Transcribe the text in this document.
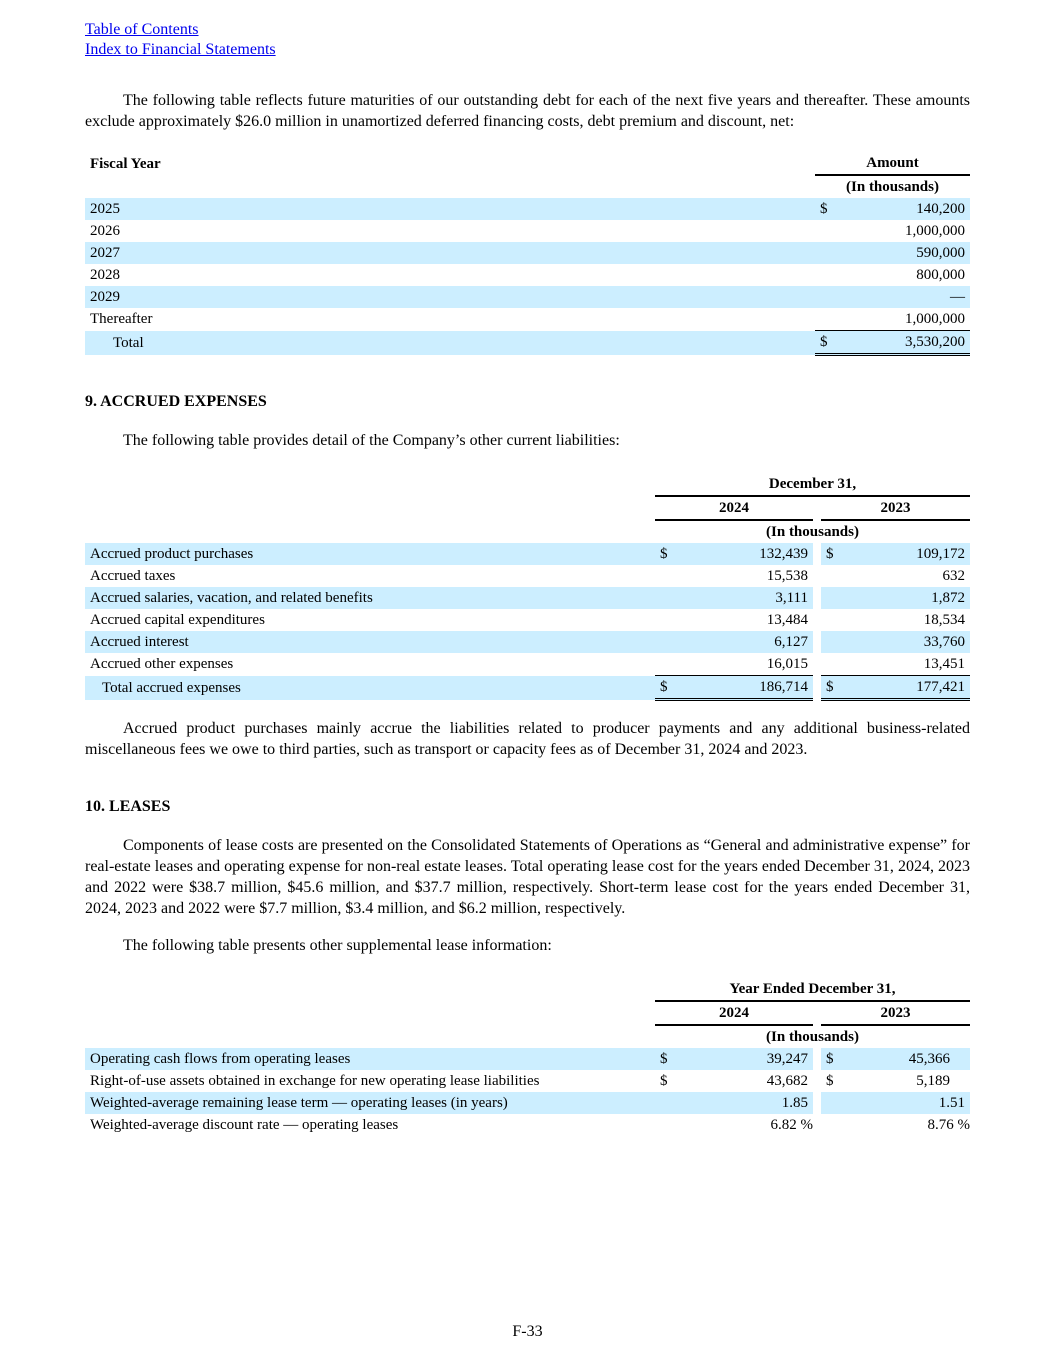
Table of Contents
Index to Financial Statements

The following table reflects future maturities of our outstanding debt for each of the next five years and thereafter. These amounts exclude approximately $26.0 million in unamortized deferred financing costs, debt premium and discount, net:

Fiscal Year	Amount	
	(In thousands)	
2025	$	140,200
2026		1,000,000
2027		590,000
2028		800,000
2029		—
Thereafter		1,000,000
Total	$	3,530,200
9. ACCRUED EXPENSES

The following table provides detail of the Company’s other current liabilities:

	December 31,				
	2024			2023	
	(In thousands)				
Accrued product purchases	$	132,439		$	109,172
Accrued taxes		15,538			632
Accrued salaries, vacation, and related benefits		3,111			1,872
Accrued capital expenditures		13,484			18,534
Accrued interest		6,127			33,760
Accrued other expenses		16,015			13,451
Total accrued expenses	$	186,714		$	177,421

Accrued product purchases mainly accrue the liabilities related to producer payments and any additional business-related miscellaneous fees we owe to third parties, such as transport or capacity fees as of December 31, 2024 and 2023.

10. LEASES

Components of lease costs are presented on the Consolidated Statements of Operations as “General and administrative expense” for real-estate leases and operating expense for non-real estate leases. Total operating lease cost for the years ended December 31, 2024, 2023 and 2022 were $38.7 million, $45.6 million, and $37.7 million, respectively. Short-term lease cost for the years ended December 31, 2024, 2023 and 2022 were $7.7 million, $3.4 million, and $6.2 million, respectively.

The following table presents other supplemental lease information:

	Year Ended December 31,				
	2024			2023	
	(In thousands)				
Operating cash flows from operating leases	$	39,247		$	45,366
Right-of-use assets obtained in exchange for new operating lease liabilities	$	43,682		$	5,189
Weighted-average remaining lease term — operating leases (in years)		1.85			1.51
Weighted-average discount rate — operating leases		6.82 %			8.76 %
F-33
